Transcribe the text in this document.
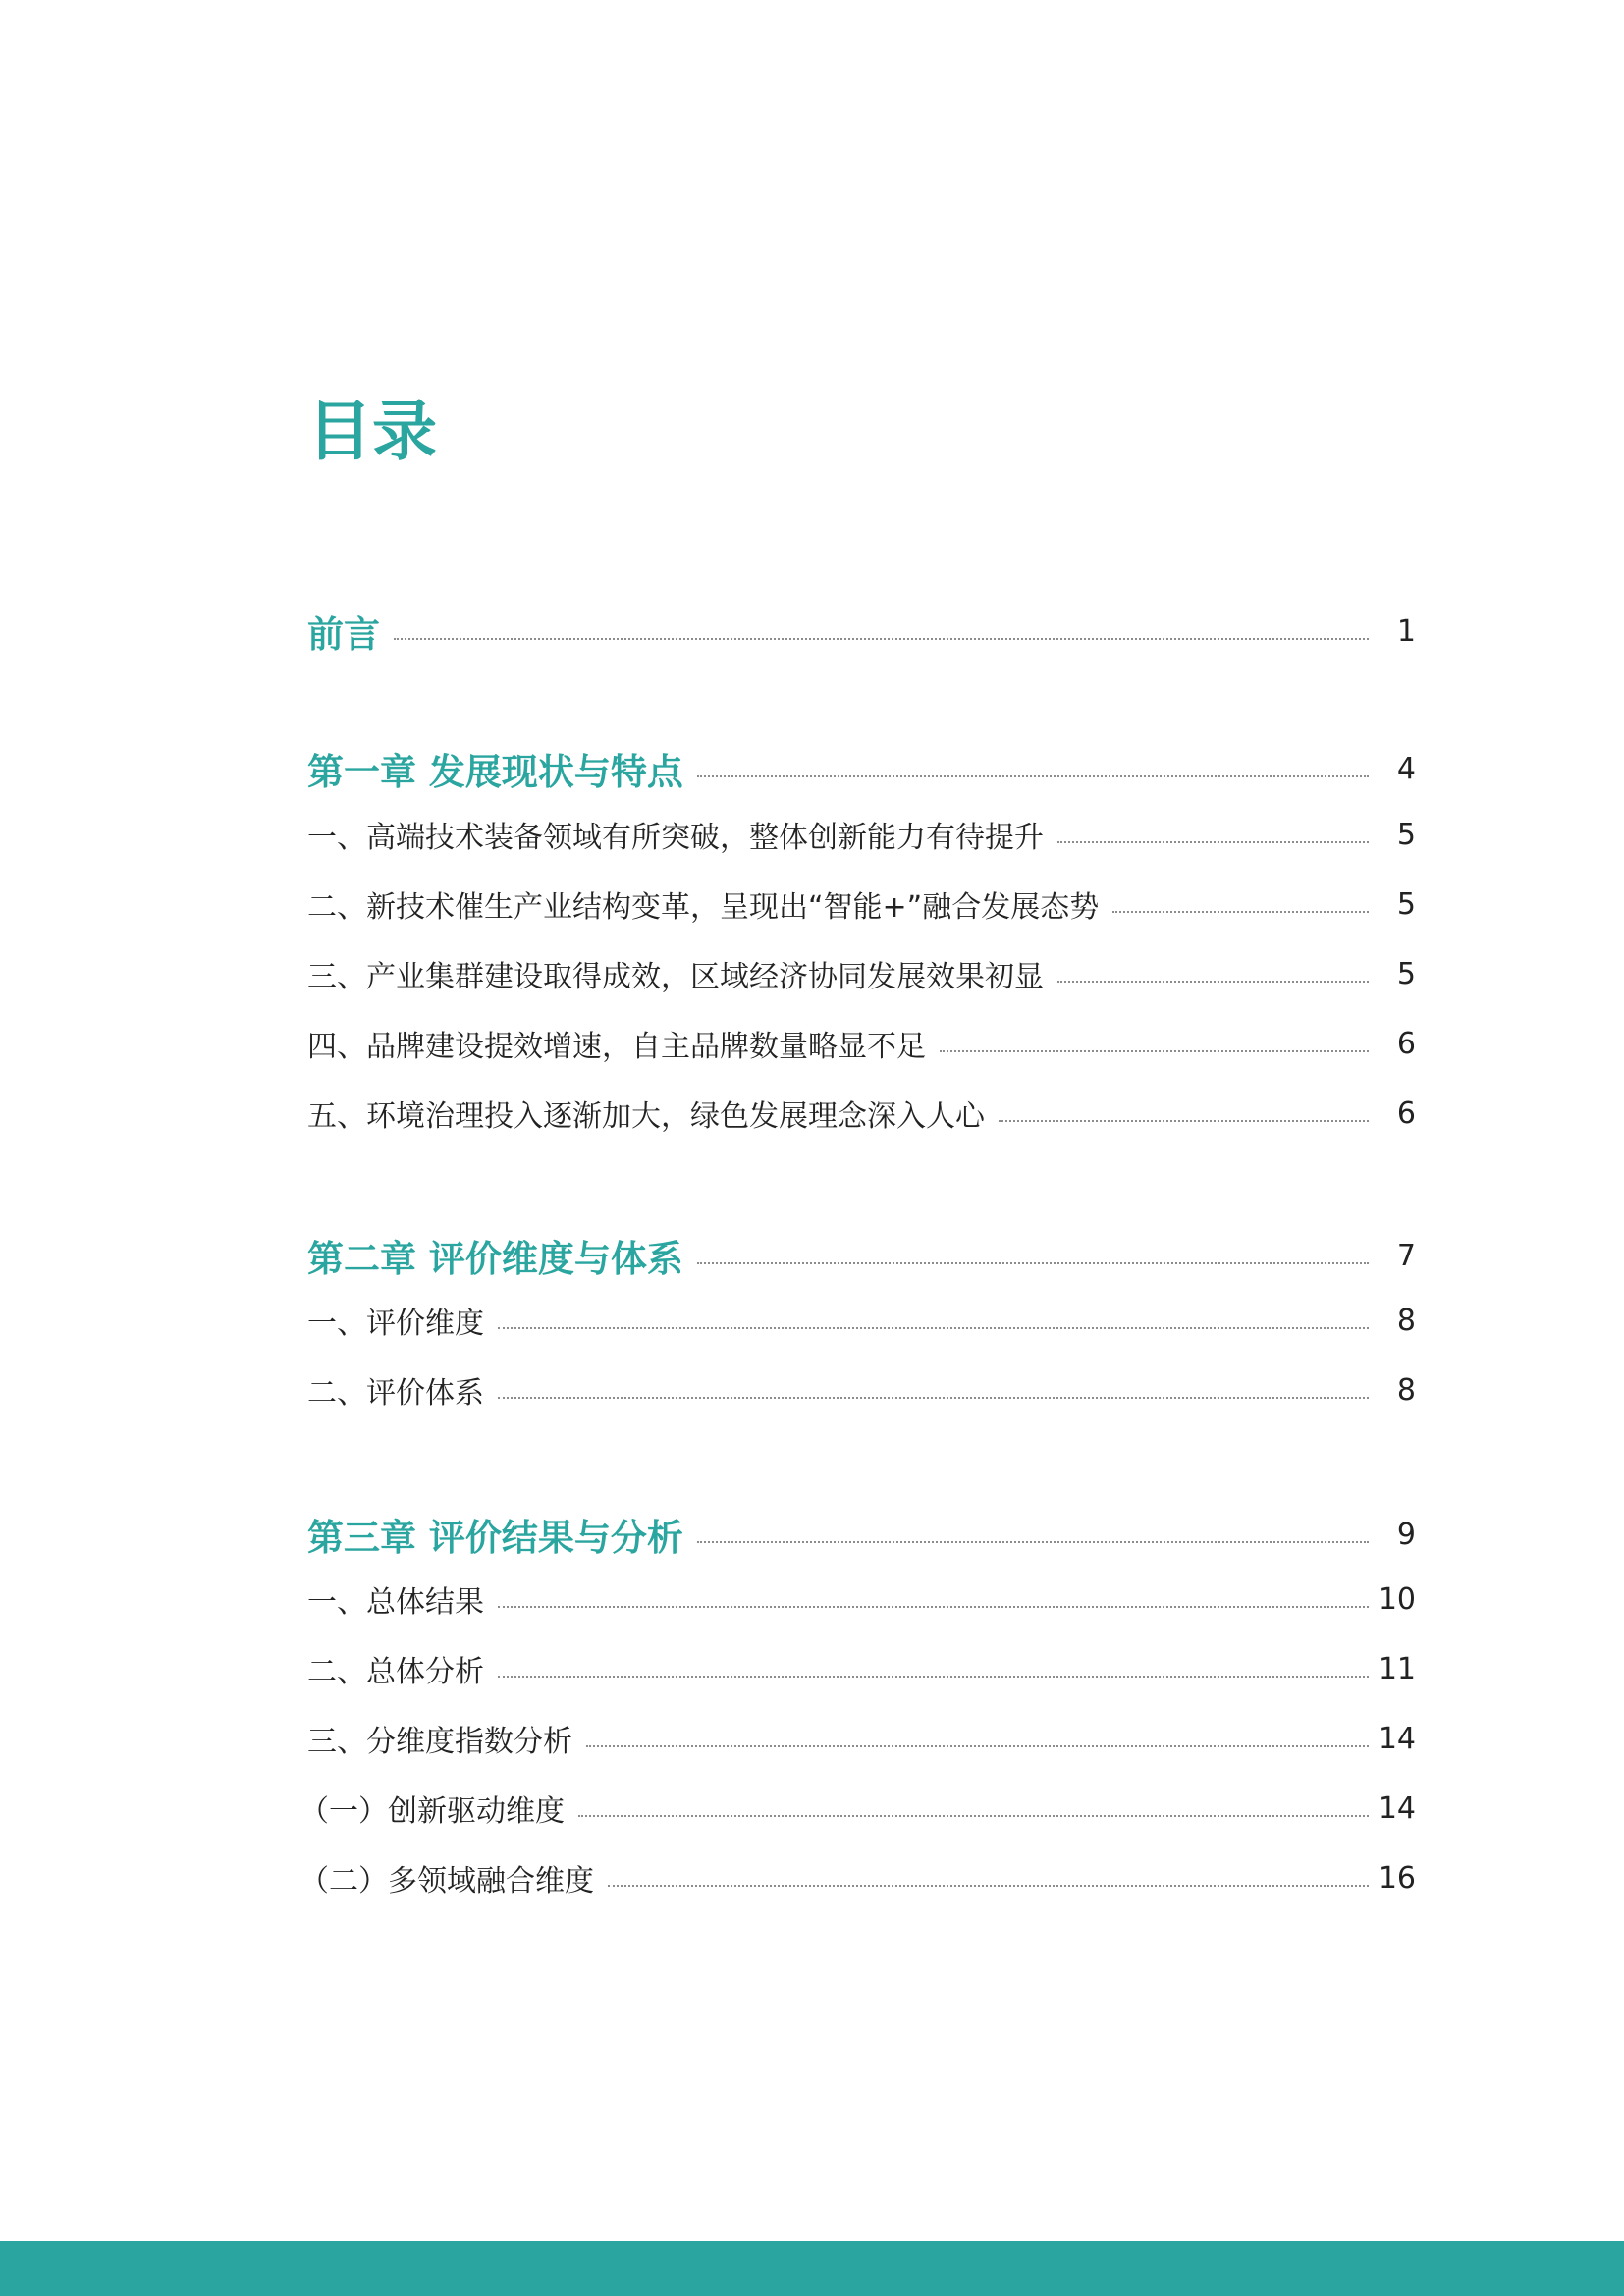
目录
前言	1
第一章 发展现状与特点	4
一、高端技术装备领域有所突破，整体创新能力有待提升	5
二、新技术催生产业结构变革，呈现出“智能+”融合发展态势	5
三、产业集群建设取得成效，区域经济协同发展效果初显	5
四、品牌建设提效增速，自主品牌数量略显不足	6
五、环境治理投入逐渐加大，绿色发展理念深入人心	6
第二章 评价维度与体系	7
一、评价维度	8
二、评价体系	8
第三章 评价结果与分析	9
一、总体结果	10
二、总体分析	11
三、分维度指数分析	14
（一）创新驱动维度	14
（二）多领域融合维度	16
